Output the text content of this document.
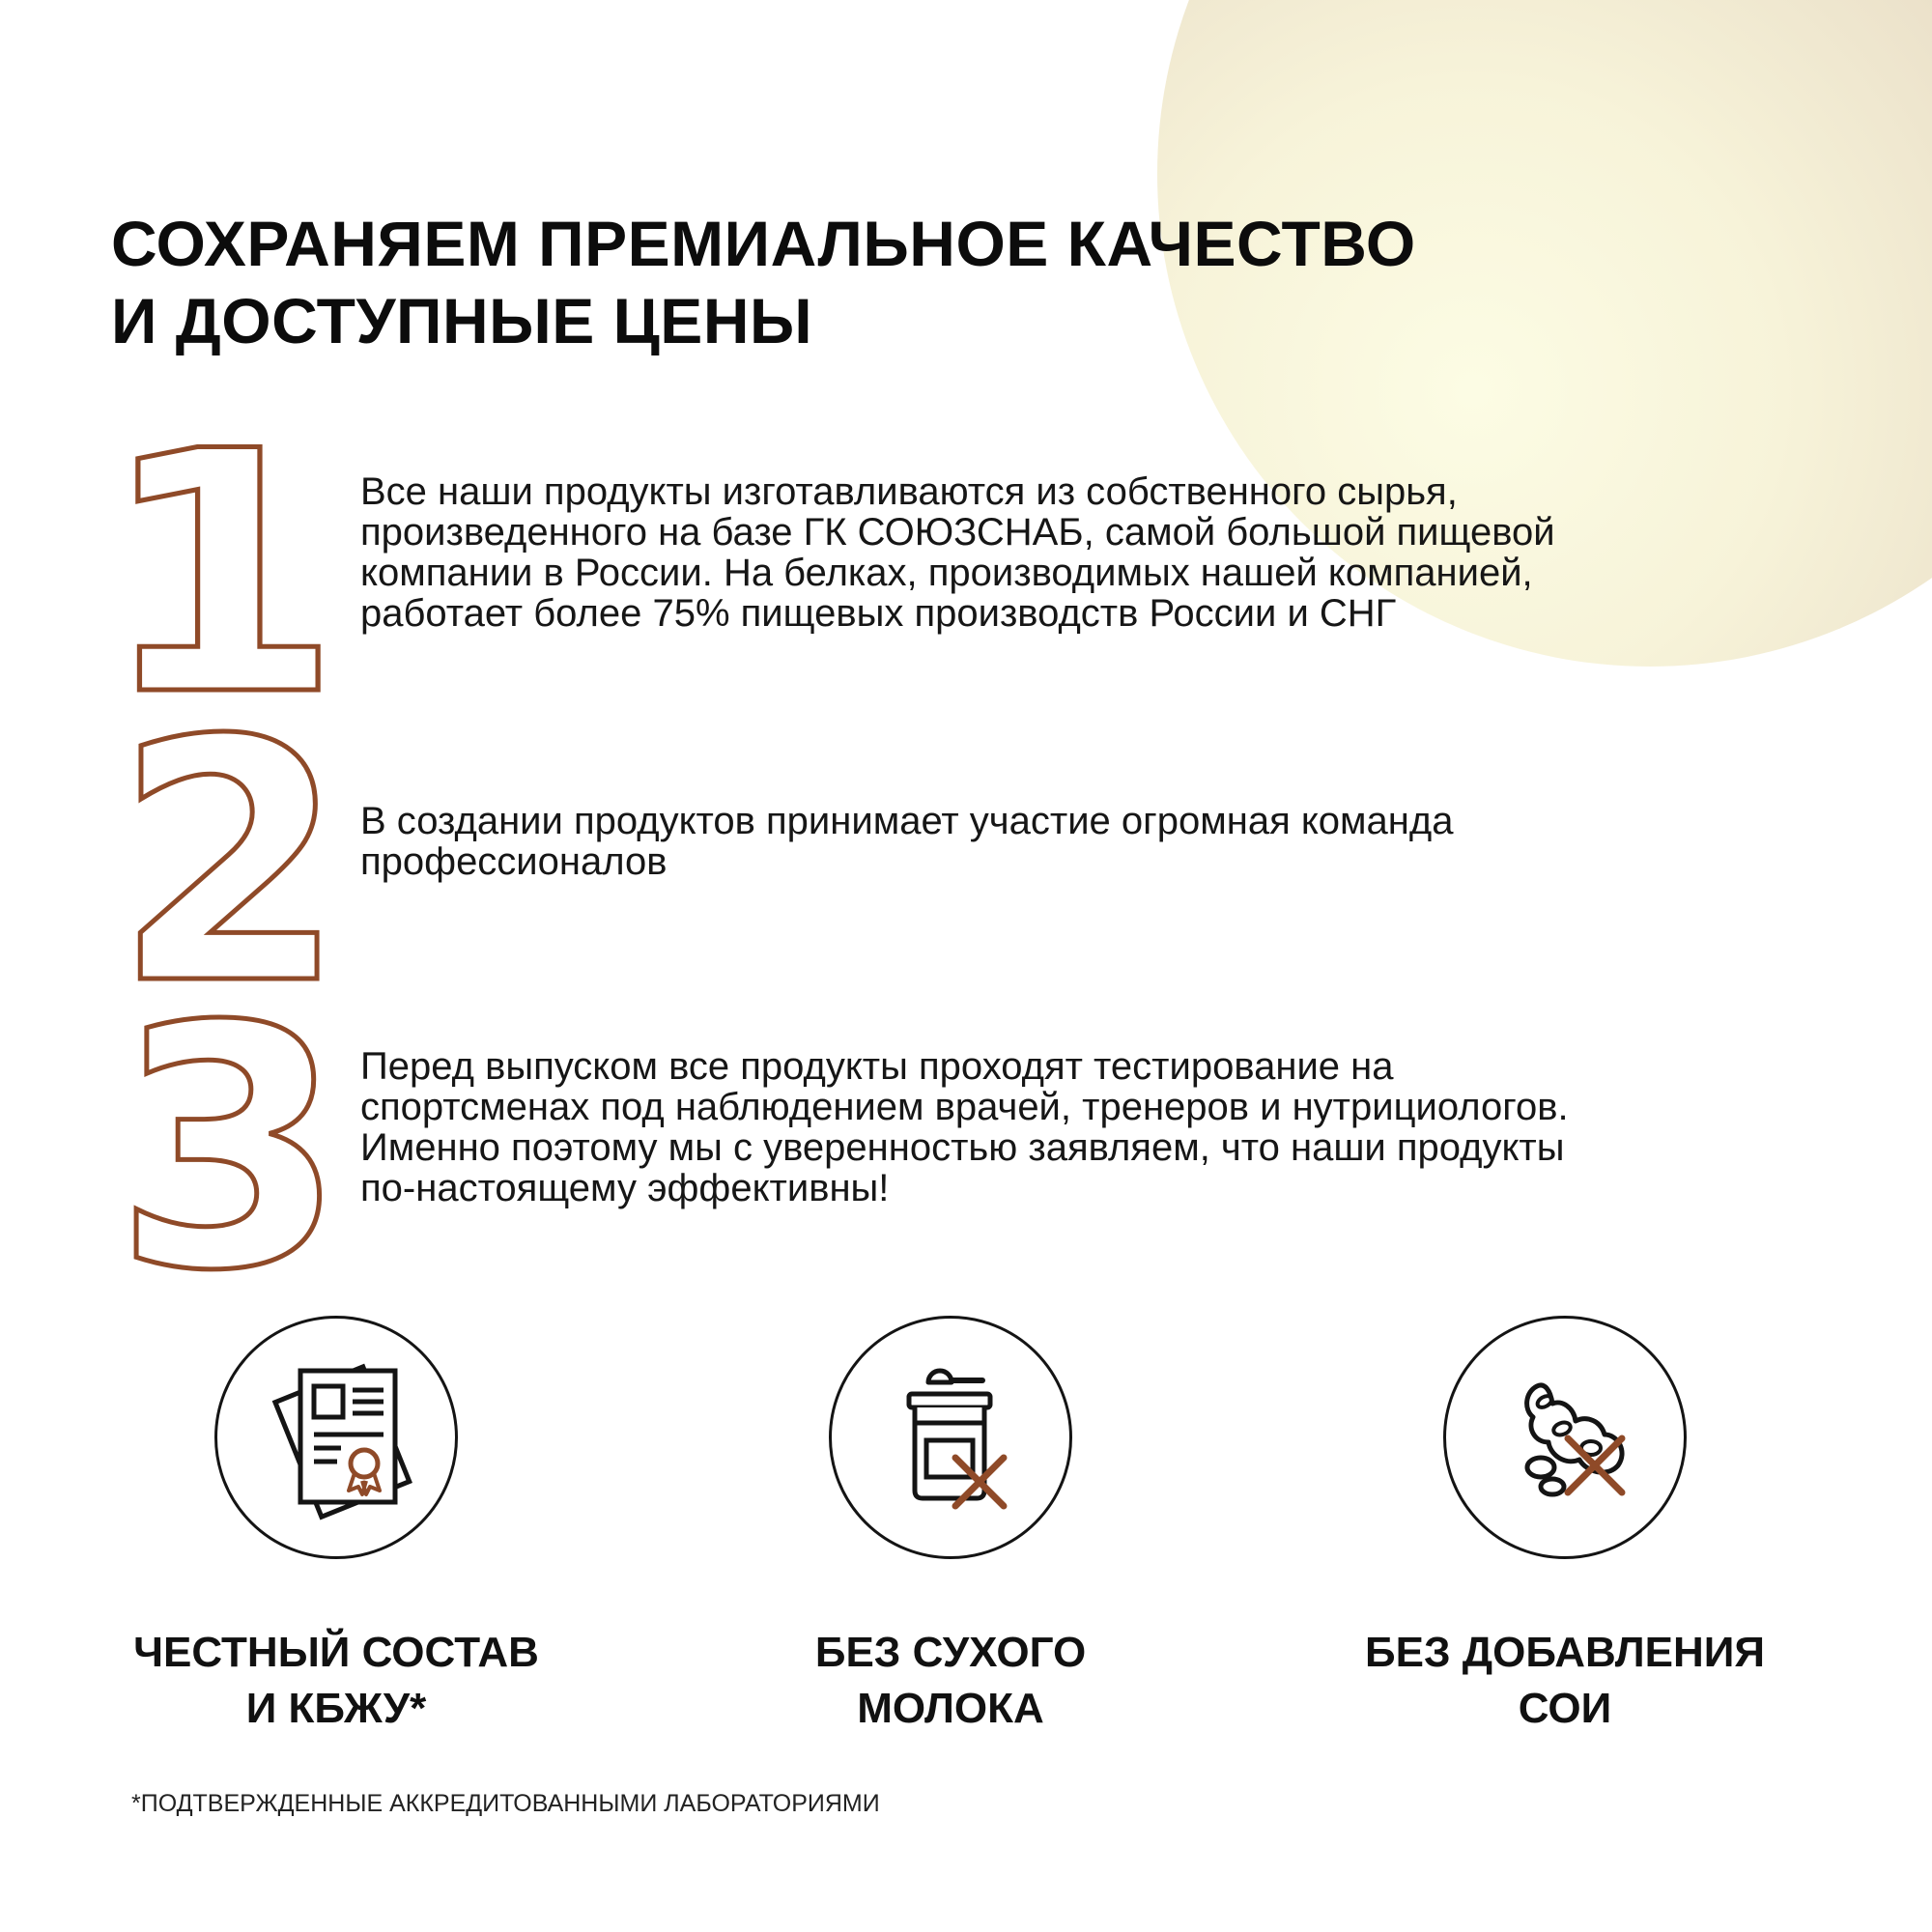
СОХРАНЯЕМ ПРЕМИАЛЬНОЕ КАЧЕСТВО
И ДОСТУПНЫЕ ЦЕНЫ
1 Все наши продукты изготавливаются из собственного сырья,
произведенного на базе ГК СОЮЗСНАБ, самой большой пищевой
компании в России. На белках, производимых нашей компанией,
работает более 75% пищевых производств России и СНГ

2 В создании продуктов принимает участие огромная команда
профессионалов

3 Перед выпуском все продукты проходят тестирование на
спортсменах под наблюдением врачей, тренеров и нутрициологов.
Именно поэтому мы с уверенностью заявляем, что наши продукты
по-настоящему эффективны!

ЧЕСТНЫЙ СОСТАВ
И КБЖУ*
БЕЗ СУХОГО
МОЛОКА
БЕЗ ДОБАВЛЕНИЯ
СОИ
*ПОДТВЕРЖДЕННЫЕ АККРЕДИТОВАННЫМИ ЛАБОРАТОРИЯМИ
